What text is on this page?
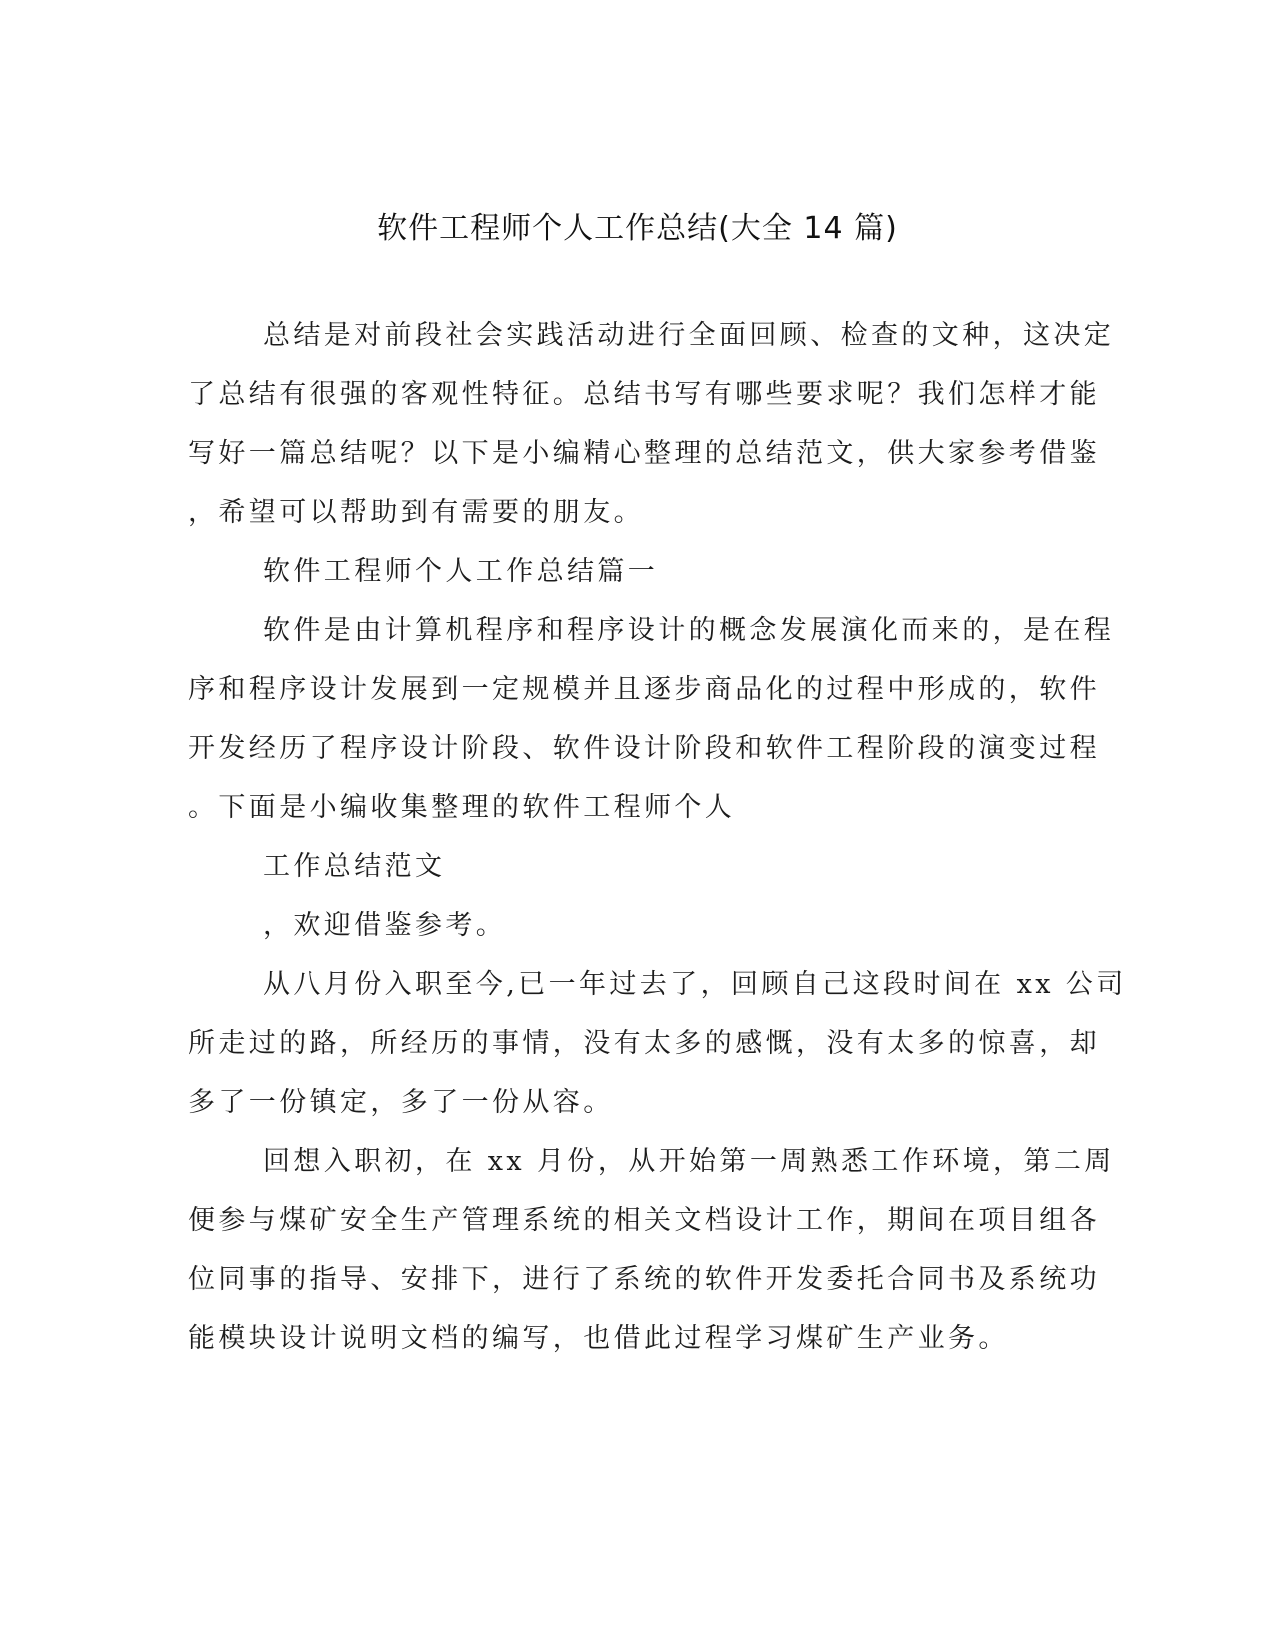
软件工程师个人工作总结(大全 14 篇)
总结是对前段社会实践活动进行全面回顾、检查的文种，这决定
了总结有很强的客观性特征。总结书写有哪些要求呢？我们怎样才能
写好一篇总结呢？以下是小编精心整理的总结范文，供大家参考借鉴
，希望可以帮助到有需要的朋友。
软件工程师个人工作总结篇一
软件是由计算机程序和程序设计的概念发展演化而来的，是在程
序和程序设计发展到一定规模并且逐步商品化的过程中形成的，软件
开发经历了程序设计阶段、软件设计阶段和软件工程阶段的演变过程
。下面是小编收集整理的软件工程师个人
工作总结范文
，欢迎借鉴参考。
从八月份入职至今,已一年过去了，回顾自己这段时间在 xx 公司
所走过的路，所经历的事情，没有太多的感慨，没有太多的惊喜，却
多了一份镇定，多了一份从容。
回想入职初，在 xx 月份，从开始第一周熟悉工作环境，第二周
便参与煤矿安全生产管理系统的相关文档设计工作，期间在项目组各
位同事的指导、安排下，进行了系统的软件开发委托合同书及系统功
能模块设计说明文档的编写，也借此过程学习煤矿生产业务。
